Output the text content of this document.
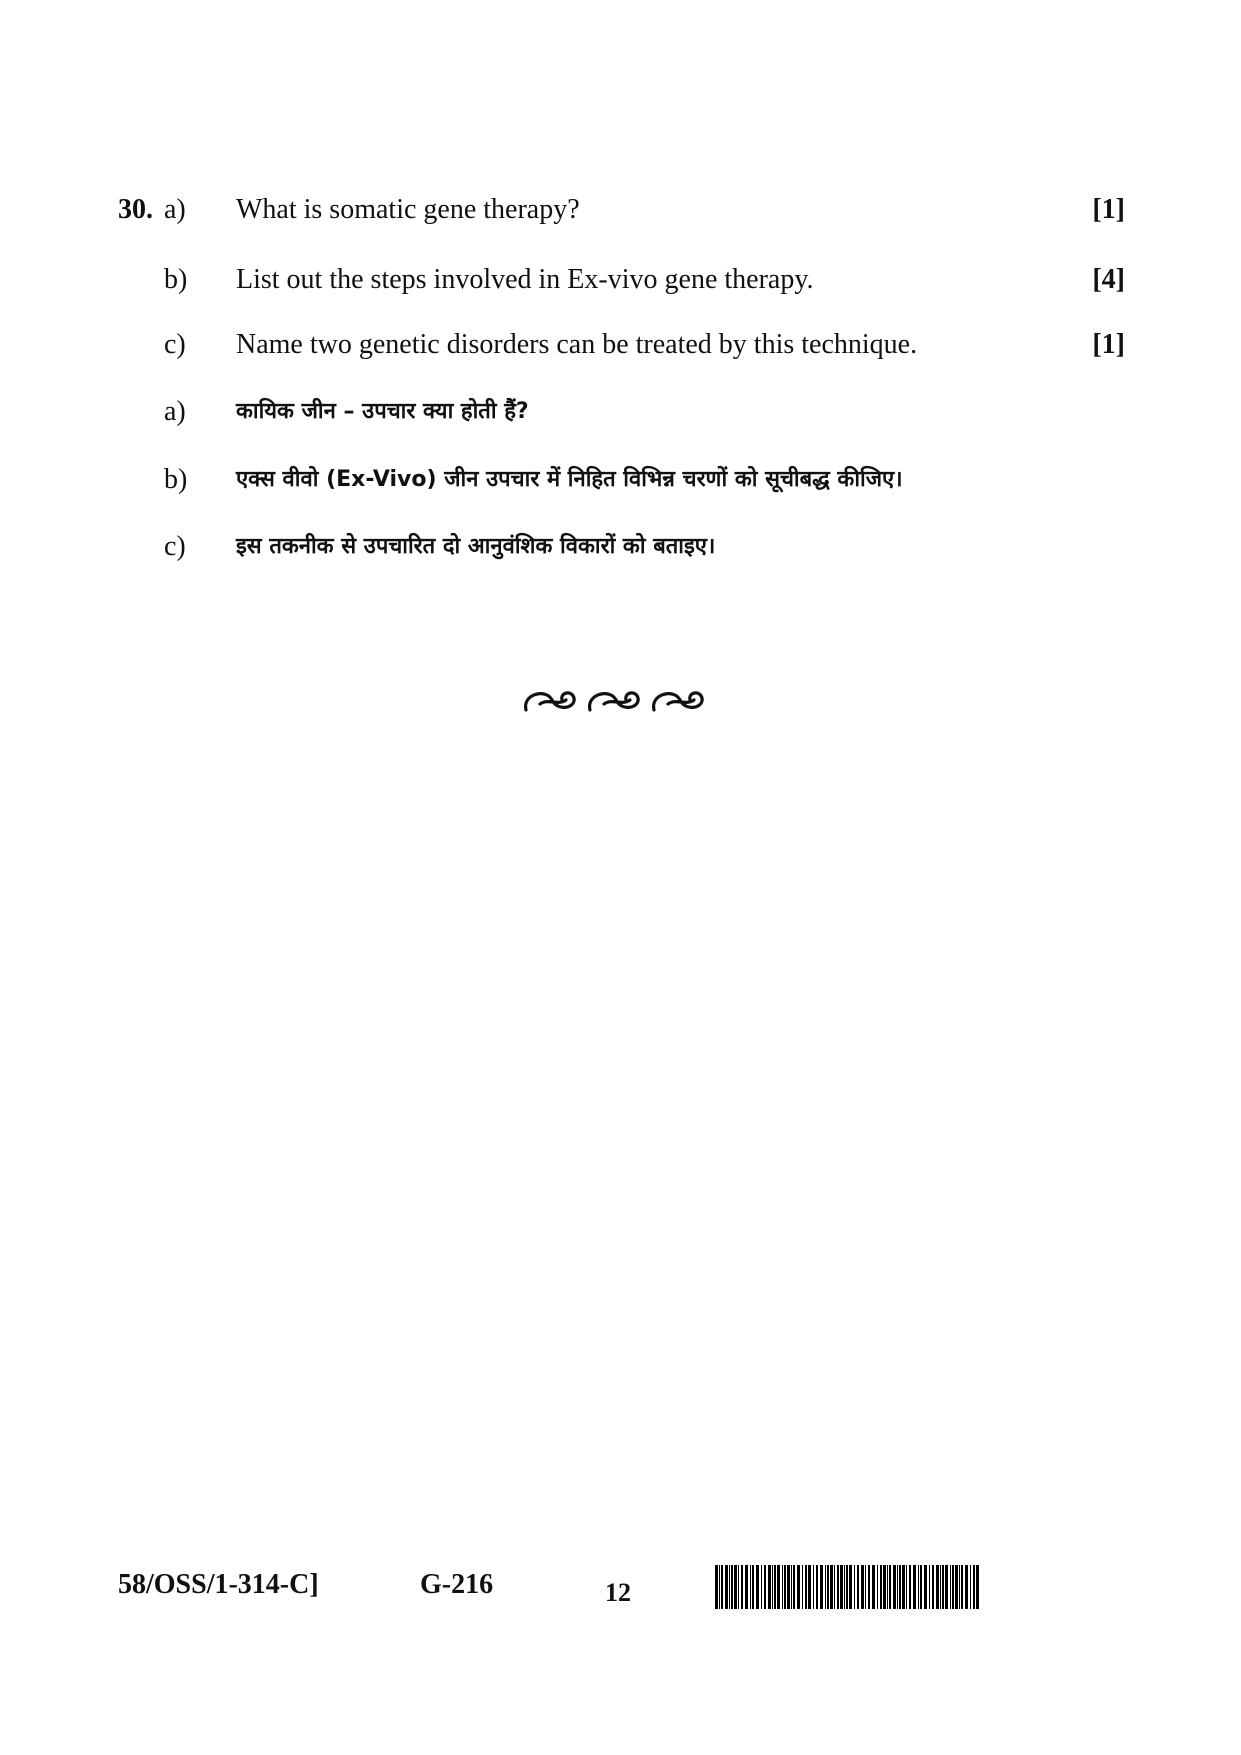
30. a) What is somatic gene therapy?	[1]
b) List out the steps involved in Ex-vivo gene therapy.	[4]
c) Name two genetic disorders can be treated by this technique.	[1]
a) कायिक जीन – उपचार क्या होती हैं?
b) एक्स वीवो (Ex-Vivo) जीन उपचार में निहित विभिन्न चरणों को सूचीबद्ध कीजिए।
c) इस तकनीक से उपचारित दो आनुवंशिक विकारों को बताइए।
58/OSS/1-314-C]	G-216	12
